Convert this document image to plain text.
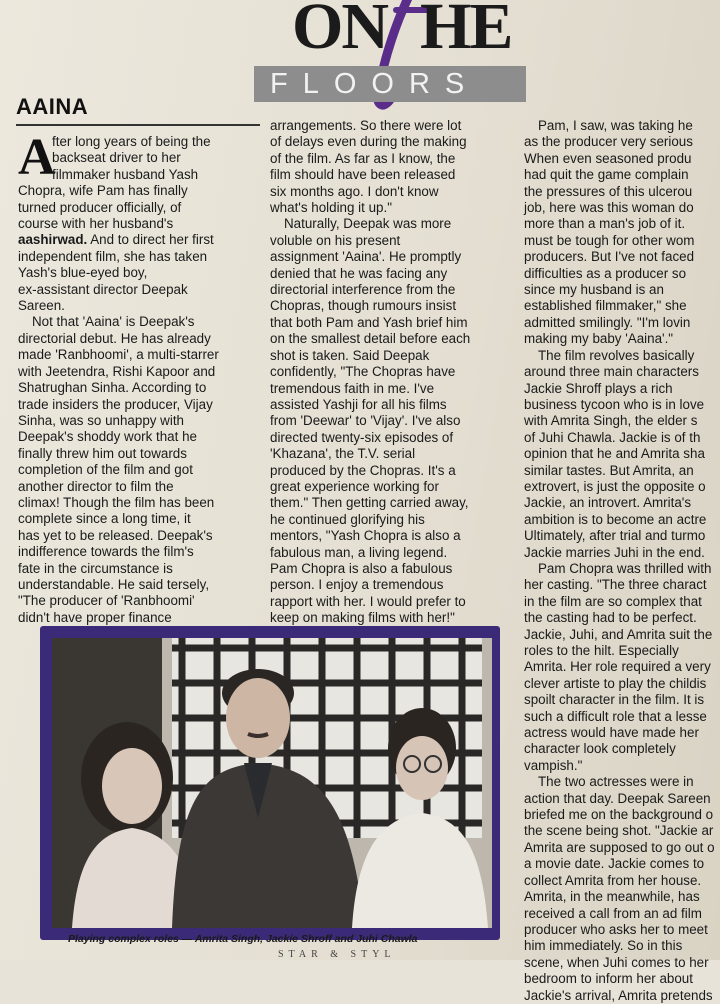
ON HE
FLOORS
AAINA
A
fter long years of being the
backseat driver to her
filmmaker husband Yash
Chopra, wife Pam has finally
turned producer officially, of
course with her husband's
aashirwad. And to direct her first
independent film, she has taken
Yash's blue-eyed boy,
ex-assistant director Deepak
Sareen.
Not that 'Aaina' is Deepak's
directorial debut. He has already
made 'Ranbhoomi', a multi-starrer
with Jeetendra, Rishi Kapoor and
Shatrughan Sinha. According to
trade insiders the producer, Vijay
Sinha, was so unhappy with
Deepak's shoddy work that he
finally threw him out towards
completion of the film and got
another director to film the
climax! Though the film has been
complete since a long time, it
has yet to be released. Deepak's
indifference towards the film's
fate in the circumstance is
understandable. He said tersely,
"The producer of 'Ranbhoomi'
didn't have proper finance
arrangements. So there were lot
of delays even during the making
of the film. As far as I know, the
film should have been released
six months ago. I don't know
what's holding it up."
Naturally, Deepak was more
voluble on his present
assignment 'Aaina'. He promptly
denied that he was facing any
directorial interference from the
Chopras, though rumours insist
that both Pam and Yash brief him
on the smallest detail before each
shot is taken. Said Deepak
confidently, "The Chopras have
tremendous faith in me. I've
assisted Yashji for all his films
from 'Deewar' to 'Vijay'. I've also
directed twenty-six episodes of
'Khazana', the T.V. serial
produced by the Chopras. It's a
great experience working for
them." Then getting carried away,
he continued glorifying his
mentors, "Yash Chopra is also a
fabulous man, a living legend.
Pam Chopra is also a fabulous
person. I enjoy a tremendous
rapport with her. I would prefer to
keep on making films with her!"
Pam, I saw, was taking he
as the producer very serious
When even seasoned produ
had quit the game complain
the pressures of this ulcerou
job, here was this woman do
more than a man's job of it.
must be tough for other wom
producers. But I've not faced
difficulties as a producer so
since my husband is an
established filmmaker," she
admitted smilingly. "I'm lovin
making my baby 'Aaina'."
The film revolves basically
around three main characters
Jackie Shroff plays a rich
business tycoon who is in love
with Amrita Singh, the elder s
of Juhi Chawla. Jackie is of th
opinion that he and Amrita sha
similar tastes. But Amrita, an
extrovert, is just the opposite o
Jackie, an introvert. Amrita's
ambition is to become an actre
Ultimately, after trial and turmo
Jackie marries Juhi in the end.
Pam Chopra was thrilled with
her casting. "The three charact
in the film are so complex that
the casting had to be perfect.
Jackie, Juhi, and Amrita suit the
roles to the hilt. Especially
Amrita. Her role required a very
clever artiste to play the childis
spoilt character in the film. It is
such a difficult role that a lesse
actress would have made her
character look completely
vampish."
The two actresses were in
action that day. Deepak Sareen
briefed me on the background o
the scene being shot. "Jackie ar
Amrita are supposed to go out o
a movie date. Jackie comes to
collect Amrita from her house.
Amrita, in the meanwhile, has
received a call from an ad film
producer who asks her to meet
him immediately. So in this
scene, when Juhi comes to her
bedroom to inform her about
Jackie's arrival, Amrita pretends
Playing complex roles — Amrita Singh, Jackie Shroff and Juhi Chawla
STAR & STYL
